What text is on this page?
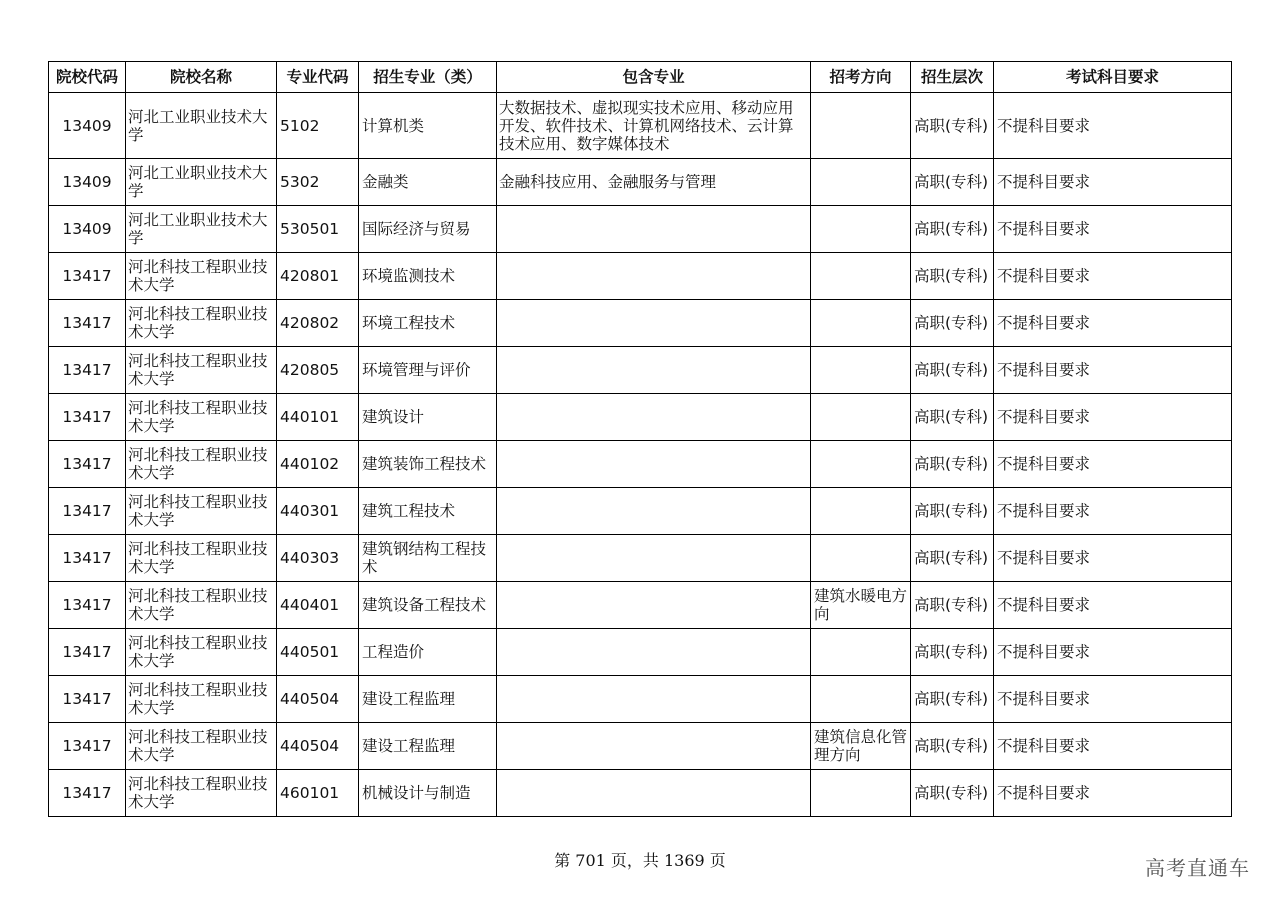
院校代码	院校名称	专业代码	招生专业（类）	包含专业	招考方向	招生层次	考试科目要求
13409	河北工业职业技术大学	5102	计算机类	大数据技术、虚拟现实技术应用、移动应用开发、软件技术、计算机网络技术、云计算技术应用、数字媒体技术		高职(专科)	不提科目要求
13409	河北工业职业技术大学	5302	金融类	金融科技应用、金融服务与管理		高职(专科)	不提科目要求
13409	河北工业职业技术大学	530501	国际经济与贸易			高职(专科)	不提科目要求
13417	河北科技工程职业技术大学	420801	环境监测技术			高职(专科)	不提科目要求
13417	河北科技工程职业技术大学	420802	环境工程技术			高职(专科)	不提科目要求
13417	河北科技工程职业技术大学	420805	环境管理与评价			高职(专科)	不提科目要求
13417	河北科技工程职业技术大学	440101	建筑设计			高职(专科)	不提科目要求
13417	河北科技工程职业技术大学	440102	建筑装饰工程技术			高职(专科)	不提科目要求
13417	河北科技工程职业技术大学	440301	建筑工程技术			高职(专科)	不提科目要求
13417	河北科技工程职业技术大学	440303	建筑钢结构工程技术			高职(专科)	不提科目要求
13417	河北科技工程职业技术大学	440401	建筑设备工程技术		建筑水暖电方向	高职(专科)	不提科目要求
13417	河北科技工程职业技术大学	440501	工程造价			高职(专科)	不提科目要求
13417	河北科技工程职业技术大学	440504	建设工程监理			高职(专科)	不提科目要求
13417	河北科技工程职业技术大学	440504	建设工程监理		建筑信息化管理方向	高职(专科)	不提科目要求
13417	河北科技工程职业技术大学	460101	机械设计与制造			高职(专科)	不提科目要求
第 701 页，共 1369 页	高考直通车
